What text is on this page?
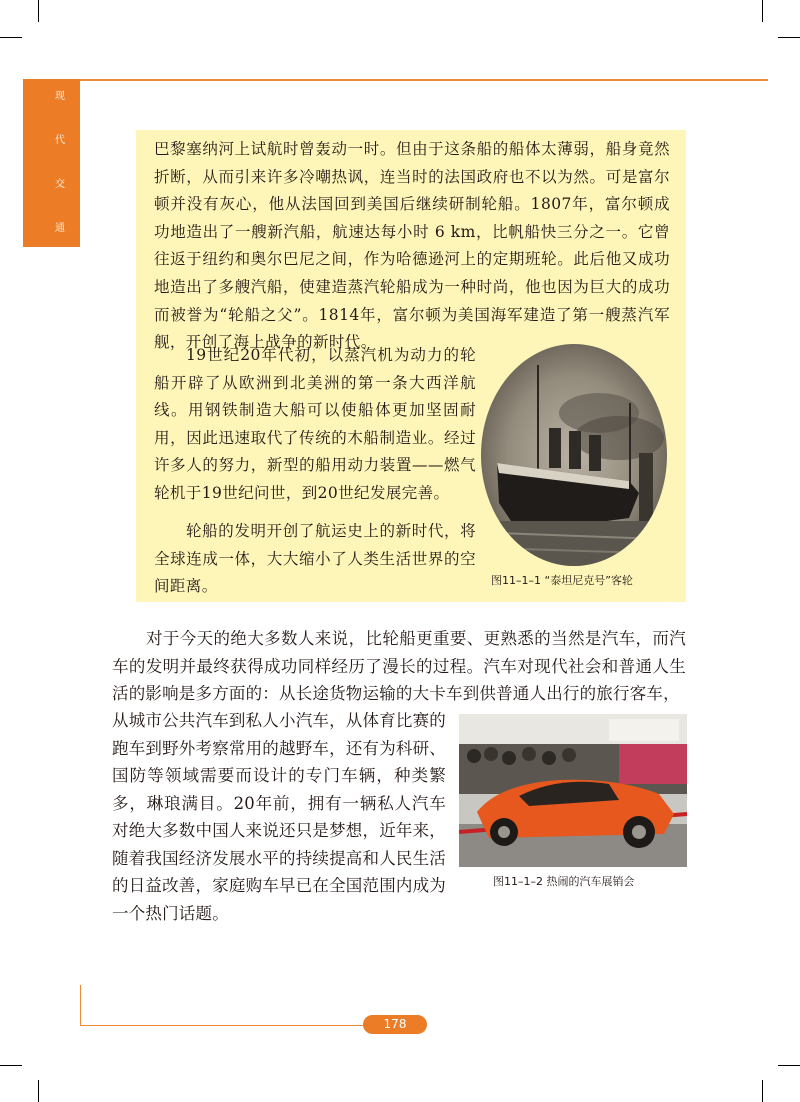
现
代
交
通

巴黎塞纳河上试航时曾轰动一时。但由于这条船的船体太薄弱，船身竟然折断，从而引来许多冷嘲热讽，连当时的法国政府也不以为然。可是富尔顿并没有灰心，他从法国回到美国后继续研制轮船。1807年，富尔顿成功地造出了一艘新汽船，航速达每小时 6 km，比帆船快三分之一。它曾往返于纽约和奥尔巴尼之间，作为哈德逊河上的定期班轮。此后他又成功地造出了多艘汽船，使建造蒸汽轮船成为一种时尚，他也因为巨大的成功而被誉为“轮船之父”。1814年，富尔顿为美国海军建造了第一艘蒸汽军舰，开创了海上战争的新时代。

19世纪20年代初，以蒸汽机为动力的轮船开辟了从欧洲到北美洲的第一条大西洋航线。用钢铁制造大船可以使船体更加坚固耐用，因此迅速取代了传统的木船制造业。经过许多人的努力，新型的船用动力装置——燃气轮机于19世纪问世，到20世纪发展完善。

轮船的发明开创了航运史上的新时代，将全球连成一体，大大缩小了人类生活世界的空间距离。	图11–1–1 “泰坦尼克号”客轮

对于今天的绝大多数人来说，比轮船更重要、更熟悉的当然是汽车，而汽车的发明并最终获得成功同样经历了漫长的过程。汽车对现代社会和普通人生活的影响是多方面的：从长途货物运输的大卡车到供普通人出行的旅行客车，

从城市公共汽车到私人小汽车，从体育比赛的跑车到野外考察常用的越野车，还有为科研、国防等领域需要而设计的专门车辆，种类繁多，琳琅满目。20年前，拥有一辆私人汽车对绝大多数中国人来说还只是梦想，近年来，随着我国经济发展水平的持续提高和人民生活的日益改善，家庭购车早已在全国范围内成为一个热门话题。

图11–1–2 热闹的汽车展销会
178
